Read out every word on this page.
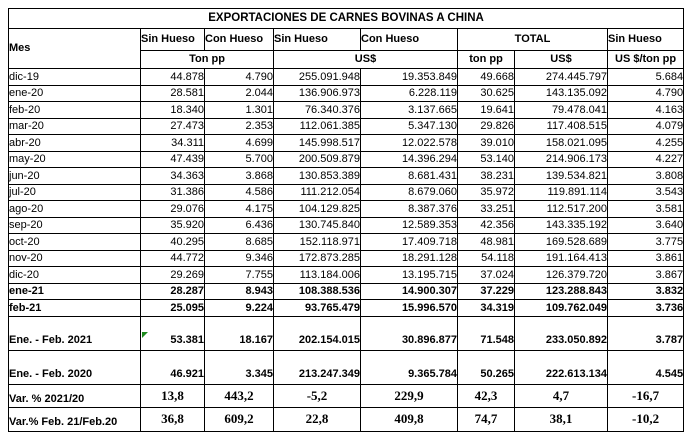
EXPORTACIONES DE CARNES BOVINAS A CHINA							
Mes	Sin Hueso	Con Hueso	Sin Hueso	Con Hueso	TOTAL		Sin Hueso
	Ton pp		US$		ton pp	US$	US $/ton pp
dic-19	44.878	4.790	255.091.948	19.353.849	49.668	274.445.797	5.684
ene-20	28.581	2.044	136.906.973	6.228.119	30.625	143.135.092	4.790
feb-20	18.340	1.301	76.340.376	3.137.665	19.641	79.478.041	4.163
mar-20	27.473	2.353	112.061.385	5.347.130	29.826	117.408.515	4.079
abr-20	34.311	4.699	145.998.517	12.022.578	39.010	158.021.095	4.255
may-20	47.439	5.700	200.509.879	14.396.294	53.140	214.906.173	4.227
jun-20	34.363	3.868	130.853.389	8.681.431	38.231	139.534.821	3.808
jul-20	31.386	4.586	111.212.054	8.679.060	35.972	119.891.114	3.543
ago-20	29.076	4.175	104.129.825	8.387.376	33.251	112.517.200	3.581
sep-20	35.920	6.436	130.745.840	12.589.353	42.356	143.335.192	3.640
oct-20	40.295	8.685	152.118.971	17.409.718	48.981	169.528.689	3.775
nov-20	44.772	9.346	172.873.285	18.291.128	54.118	191.164.413	3.861
dic-20	29.269	7.755	113.184.006	13.195.715	37.024	126.379.720	3.867
ene-21	28.287	8.943	108.388.536	14.900.307	37.229	123.288.843	3.832
feb-21	25.095	9.224	93.765.479	15.996.570	34.319	109.762.049	3.736
Ene. - Feb. 2021	53.381	18.167	202.154.015	30.896.877	71.548	233.050.892	3.787
Ene. - Feb. 2020	46.921	3.345	213.247.349	9.365.784	50.265	222.613.134	4.545
Var. % 2021/20	13,8	443,2	-5,2	229,9	42,3	4,7	-16,7
Var.% Feb. 21/Feb.20	36,8	609,2	22,8	409,8	74,7	38,1	-10,2
